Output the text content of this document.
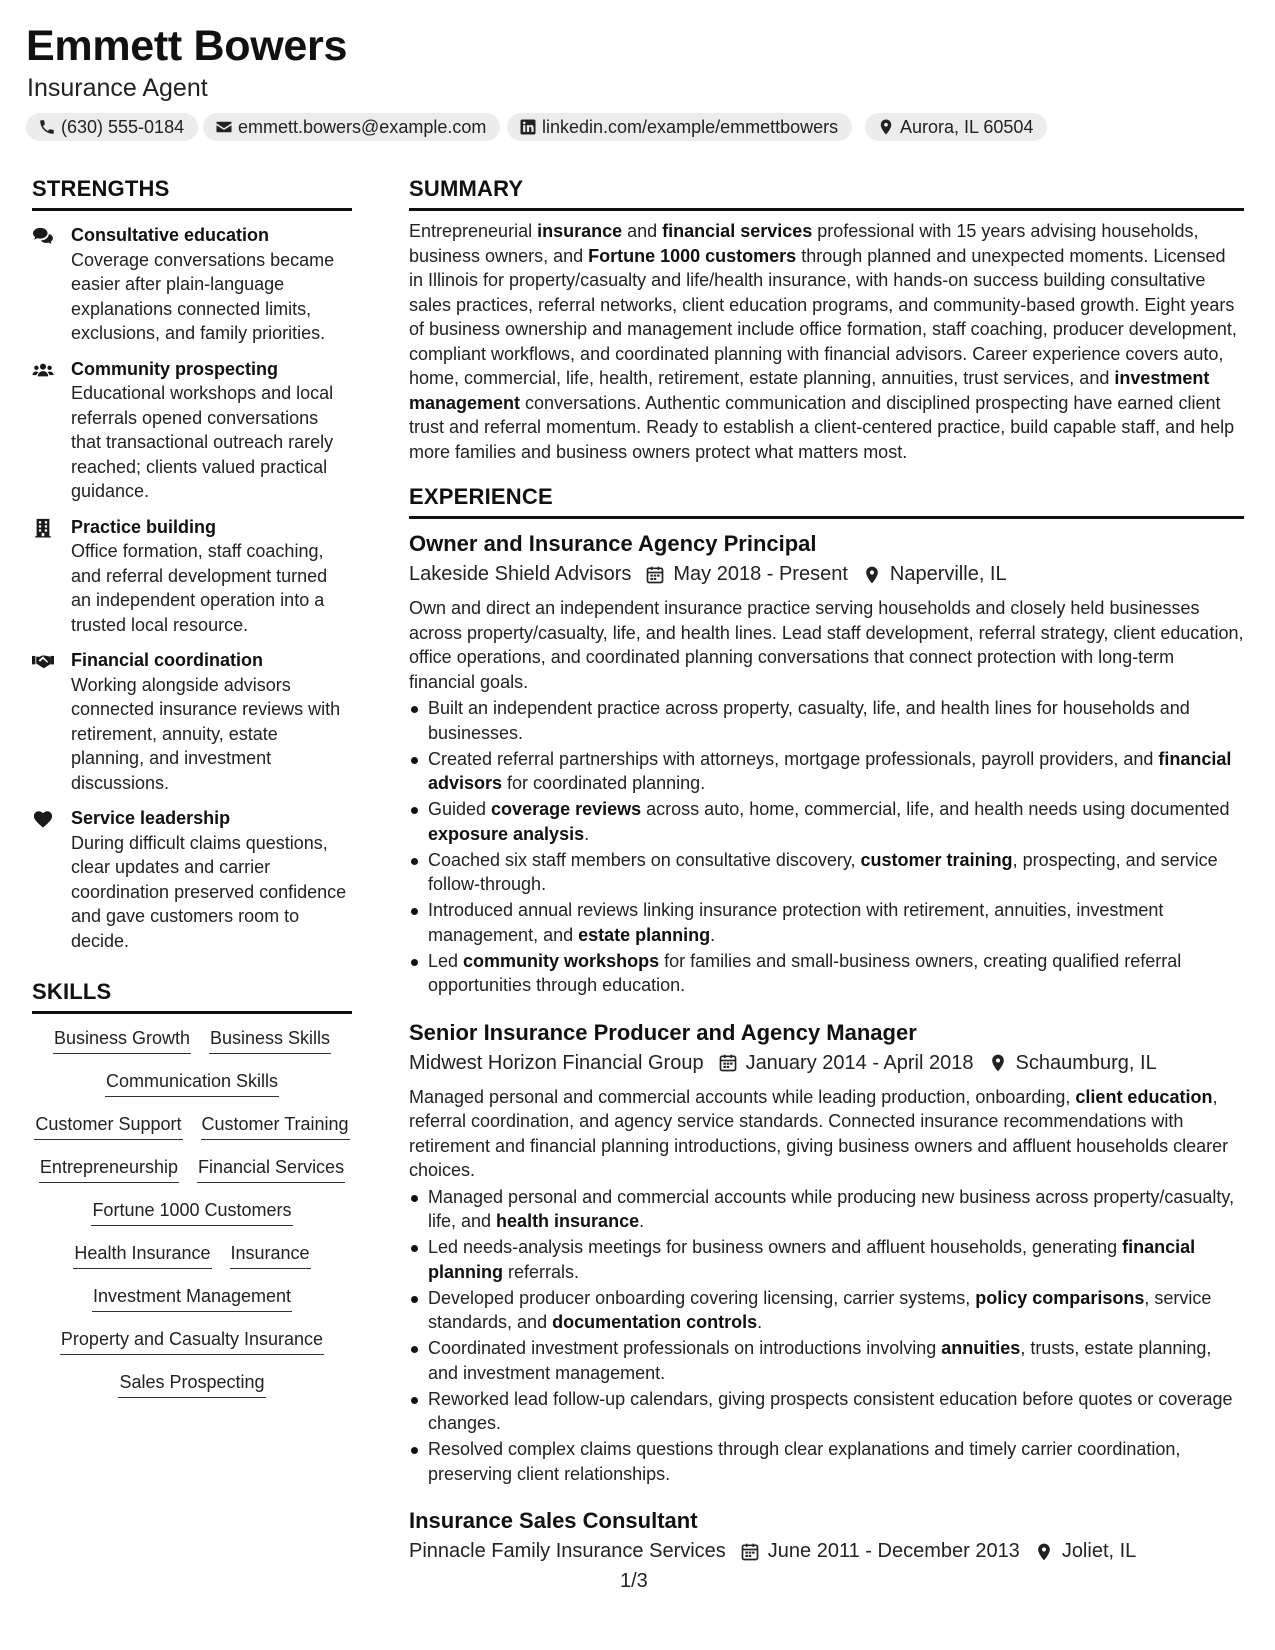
Emmett Bowers
Insurance Agent
(630) 555-0184	emmett.bowers@example.com	linkedin.com/example/emmettbowers	Aurora, IL 60504
STRENGTHS
Consultative education
Coverage conversations became easier after plain-language explanations connected limits, exclusions, and family priorities.
Community prospecting
Educational workshops and local referrals opened conversations that transactional outreach rarely reached; clients valued practical guidance.
Practice building
Office formation, staff coaching, and referral development turned an independent operation into a trusted local resource.
Financial coordination
Working alongside advisors connected insurance reviews with retirement, annuity, estate planning, and investment discussions.
Service leadership
During difficult claims questions, clear updates and carrier coordination preserved confidence and gave customers room to decide.
SKILLS
Business Growth Business Skills
Communication Skills
Customer Support Customer Training
Entrepreneurship Financial Services
Fortune 1000 Customers
Health Insurance Insurance
Investment Management
Property and Casualty Insurance
Sales Prospecting
SUMMARY
Entrepreneurial insurance and financial services professional with 15 years advising households, business owners, and Fortune 1000 customers through planned and unexpected moments. Licensed in Illinois for property/casualty and life/health insurance, with hands-on success building consultative sales practices, referral networks, client education programs, and community-based growth. Eight years of business ownership and management include office formation, staff coaching, producer development, compliant workflows, and coordinated planning with financial advisors. Career experience covers auto, home, commercial, life, health, retirement, estate planning, annuities, trust services, and investment management conversations. Authentic communication and disciplined prospecting have earned client trust and referral momentum. Ready to establish a client-centered practice, build capable staff, and help more families and business owners protect what matters most.
EXPERIENCE
Owner and Insurance Agency Principal
Lakeside Shield Advisors May 2018 - Present Naperville, IL
Own and direct an independent insurance practice serving households and closely held businesses across property/casualty, life, and health lines. Lead staff development, referral strategy, client education, office operations, and coordinated planning conversations that connect protection with long-term financial goals.
Built an independent practice across property, casualty, life, and health lines for households and businesses.
Created referral partnerships with attorneys, mortgage professionals, payroll providers, and financial advisors for coordinated planning.
Guided coverage reviews across auto, home, commercial, life, and health needs using documented exposure analysis.
Coached six staff members on consultative discovery, customer training, prospecting, and service follow-through.
Introduced annual reviews linking insurance protection with retirement, annuities, investment management, and estate planning.
Led community workshops for families and small-business owners, creating qualified referral opportunities through education.
Senior Insurance Producer and Agency Manager
Midwest Horizon Financial Group January 2014 - April 2018 Schaumburg, IL
Managed personal and commercial accounts while leading production, onboarding, client education, referral coordination, and agency service standards. Connected insurance recommendations with retirement and financial planning introductions, giving business owners and affluent households clearer choices.
Managed personal and commercial accounts while producing new business across property/casualty, life, and health insurance.
Led needs-analysis meetings for business owners and affluent households, generating financial planning referrals.
Developed producer onboarding covering licensing, carrier systems, policy comparisons, service standards, and documentation controls.
Coordinated investment professionals on introductions involving annuities, trusts, estate planning, and investment management.
Reworked lead follow-up calendars, giving prospects consistent education before quotes or coverage changes.
Resolved complex claims questions through clear explanations and timely carrier coordination, preserving client relationships.
Insurance Sales Consultant
Pinnacle Family Insurance Services June 2011 - December 2013 Joliet, IL
1/3
